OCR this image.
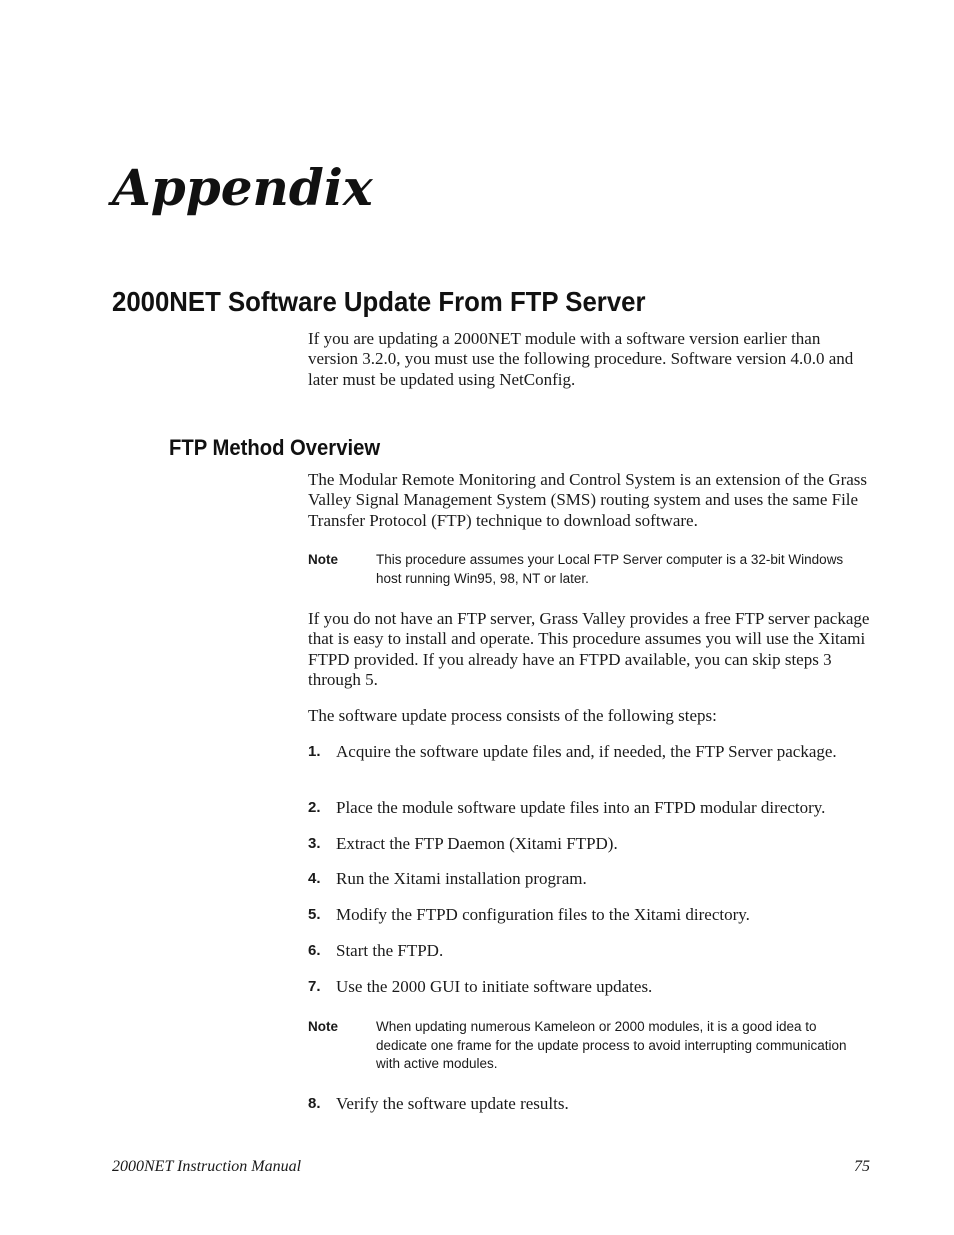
Appendix
2000NET Software Update From FTP Server

If you are updating a 2000NET module with a software version earlier than version 3.2.0, you must use the following procedure. Software version 4.0.0 and later must be updated using NetConfig.

FTP Method Overview

The Modular Remote Monitoring and Control System is an extension of the Grass Valley Signal Management System (SMS) routing system and uses the same File Transfer Protocol (FTP) technique to download software.

Note	This procedure assumes your Local FTP Server computer is a 32-bit Windows host running Win95, 98, NT or later.

If you do not have an FTP server, Grass Valley provides a free FTP server package that is easy to install and operate. This procedure assumes you will use the Xitami FTPD provided. If you already have an FTPD available, you can skip steps 3 through 5.

The software update process consists of the following steps:

1. Acquire the software update files and, if needed, the FTP Server package.
2. Place the module software update files into an FTPD modular directory.
3. Extract the FTP Daemon (Xitami FTPD).
4. Run the Xitami installation program.
5. Modify the FTPD configuration files to the Xitami directory.
6. Start the FTPD.
7. Use the 2000 GUI to initiate software updates.
Note	When updating numerous Kameleon or 2000 modules, it is a good idea to dedicate one frame for the update process to avoid interrupting communication with active modules.
8. Verify the software update results.
2000NET Instruction Manual	75
